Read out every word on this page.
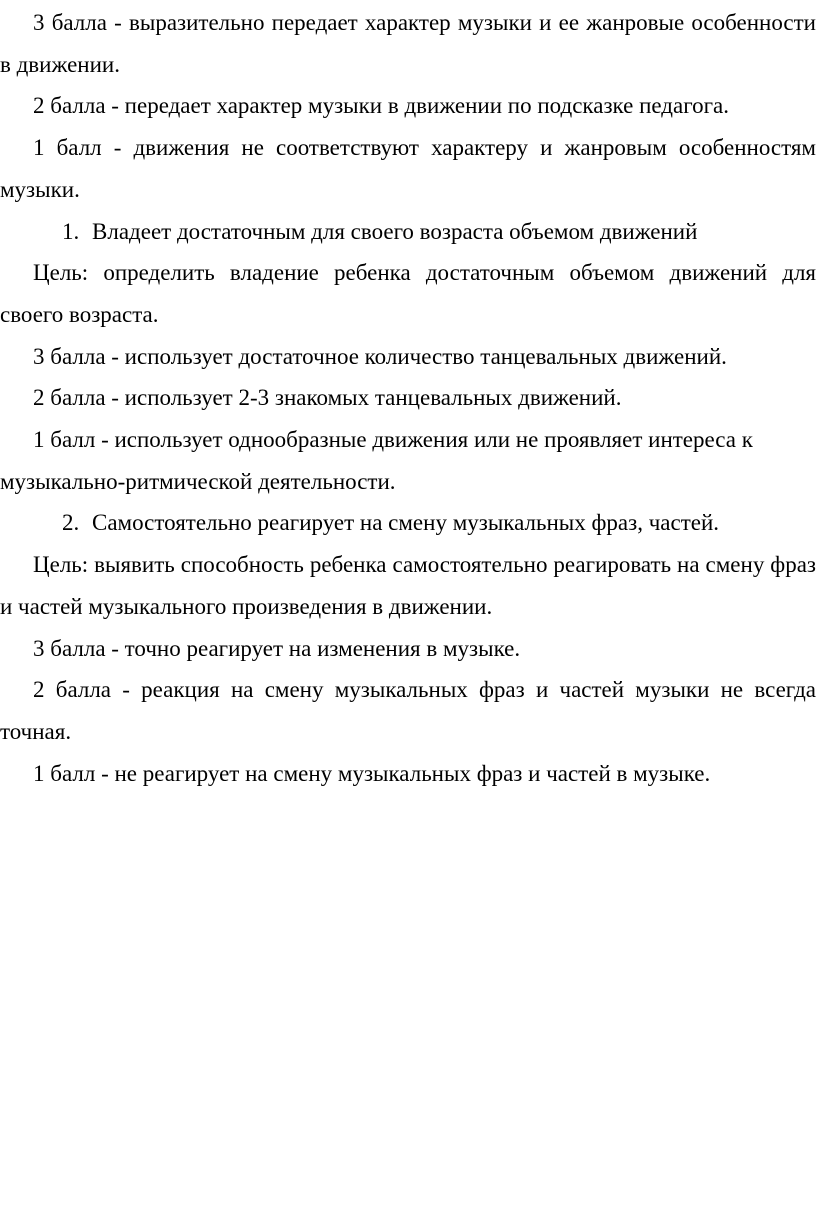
3 балла - выразительно передает характер музыки и ее жанровые особенности в движении.

2 балла - передает характер музыки в движении по подсказке педагога.

1 балл - движения не соответствуют характеру и жанровым особенностям музыки.

1. Владеет достаточным для своего возраста объемом движений

Цель: определить владение ребенка достаточным объемом движений для своего возраста.

3 балла - использует достаточное количество танцевальных движений.

2 балла - использует 2-3 знакомых танцевальных движений.

1 балл - использует однообразные движения или не проявляет интереса к музыкально-ритмической деятельности.

2. Самостоятельно реагирует на смену музыкальных фраз, частей.

Цель: выявить способность ребенка самостоятельно реагировать на смену фраз и частей музыкального произведения в движении.

3 балла - точно реагирует на изменения в музыке.

2 балла - реакция на смену музыкальных фраз и частей музыки не всегда точная.

1 балл - не реагирует на смену музыкальных фраз и частей в музыке.
